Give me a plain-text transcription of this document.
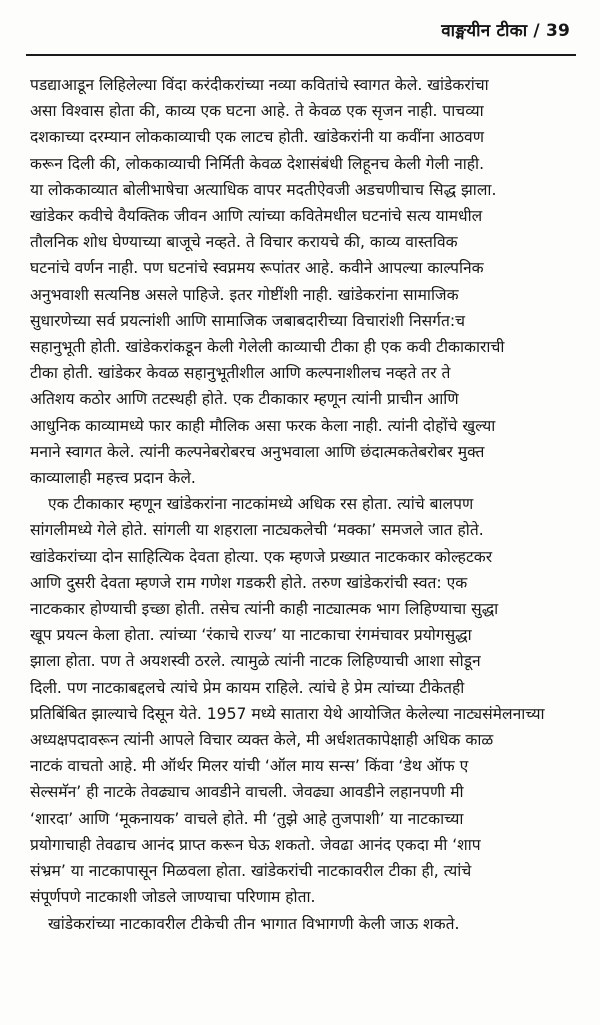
वाङ्मयीन टीका / 39

पडद्याआडून लिहिलेल्या विंदा करंदीकरांच्या नव्या कवितांचे स्वागत केले. खांडेकरांचा
असा विश्वास होता की, काव्य एक घटना आहे. ते केवळ एक सृजन नाही. पाचव्या
दशकाच्या दरम्यान लोककाव्याची एक लाटच होती. खांडेकरांनी या कवींना आठवण
करून दिली की, लोककाव्याची निर्मिती केवळ देशासंबंधी लिहूनच केली गेली नाही.
या लोककाव्यात बोलीभाषेचा अत्याधिक वापर मदतीऐवजी अडचणीचाच सिद्ध झाला.
खांडेकर कवीचे वैयक्तिक जीवन आणि त्यांच्या कवितेमधील घटनांचे सत्य यामधील
तौलनिक शोध घेण्याच्या बाजूचे नव्हते. ते विचार करायचे की, काव्य वास्तविक
घटनांचे वर्णन नाही. पण घटनांचे स्वप्नमय रूपांतर आहे. कवीने आपल्या काल्पनिक
अनुभवाशी सत्यनिष्ठ असले पाहिजे. इतर गोष्टींशी नाही. खांडेकरांना सामाजिक
सुधारणेच्या सर्व प्रयत्नांशी आणि सामाजिक जबाबदारीच्या विचारांशी निसर्गत:च
सहानुभूती होती. खांडेकरांकडून केली गेलेली काव्याची टीका ही एक कवी टीकाकाराची
टीका होती. खांडेकर केवळ सहानुभूतीशील आणि कल्पनाशीलच नव्हते तर ते
अतिशय कठोर आणि तटस्थही होते. एक टीकाकार म्हणून त्यांनी प्राचीन आणि
आधुनिक काव्यामध्ये फार काही मौलिक असा फरक केला नाही. त्यांनी दोहोंचे खुल्या
मनाने स्वागत केले. त्यांनी कल्पनेबरोबरच अनुभवाला आणि छंदात्मकतेबरोबर मुक्त
काव्यालाही महत्त्व प्रदान केले.

एक टीकाकार म्हणून खांडेकरांना नाटकांमध्ये अधिक रस होता. त्यांचे बालपण
सांगलीमध्ये गेले होते. सांगली या शहराला नाट्यकलेची ‘मक्का’ समजले जात होते.
खांडेकरांच्या दोन साहित्यिक देवता होत्या. एक म्हणजे प्रख्यात नाटककार कोल्हटकर
आणि दुसरी देवता म्हणजे राम गणेश गडकरी होते. तरुण खांडेकरांची स्वत: एक
नाटककार होण्याची इच्छा होती. तसेच त्यांनी काही नाट्यात्मक भाग लिहिण्याचा सुद्धा
खूप प्रयत्न केला होता. त्यांच्या ‘रंकाचे राज्य’ या नाटकाचा रंगमंचावर प्रयोगसुद्धा
झाला होता. पण ते अयशस्वी ठरले. त्यामुळे त्यांनी नाटक लिहिण्याची आशा सोडून
दिली. पण नाटकाबद्दलचे त्यांचे प्रेम कायम राहिले. त्यांचे हे प्रेम त्यांच्या टीकेतही
प्रतिबिंबित झाल्याचे दिसून येते. 1957 मध्ये सातारा येथे आयोजित केलेल्या नाट्यसंमेलनाच्या
अध्यक्षपदावरून त्यांनी आपले विचार व्यक्त केले, मी अर्धशतकापेक्षाही अधिक काळ
नाटकं वाचतो आहे. मी ऑर्थर मिलर यांची ‘ऑल माय सन्स’ किंवा ‘डेथ ऑफ ए
सेल्समॅन’ ही नाटके तेवढ्याच आवडीने वाचली. जेवढ्या आवडीने लहानपणी मी
‘शारदा’ आणि ‘मूकनायक’ वाचले होते. मी ‘तुझे आहे तुजपाशी’ या नाटकाच्या
प्रयोगाचाही तेवढाच आनंद प्राप्त करून घेऊ शकतो. जेवढा आनंद एकदा मी ‘शाप
संभ्रम’ या नाटकापासून मिळवला होता. खांडेकरांची नाटकावरील टीका ही, त्यांचे
संपूर्णपणे नाटकाशी जोडले जाण्याचा परिणाम होता.

खांडेकरांच्या नाटकावरील टीकेची तीन भागात विभागणी केली जाऊ शकते.
